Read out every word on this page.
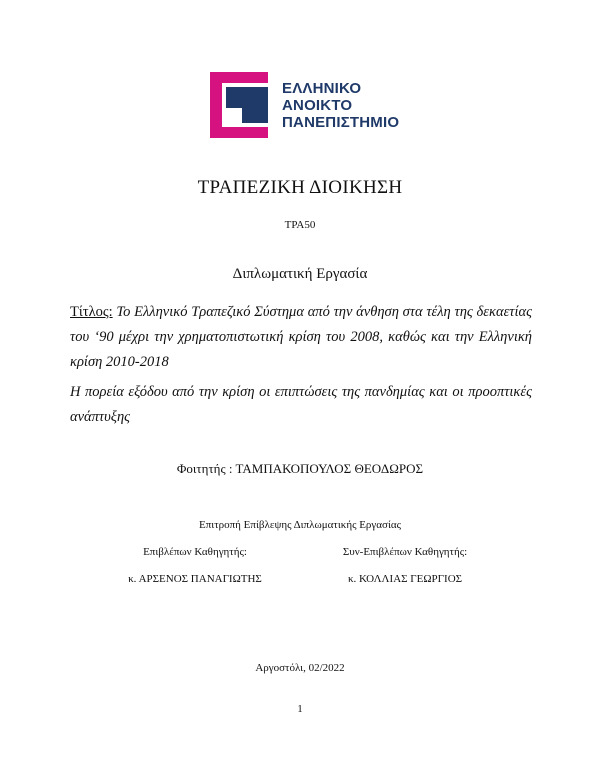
ΕΛΛΗΝΙΚΟ
ΑΝΟΙΚΤΟ
ΠΑΝΕΠΙΣΤΗΜΙΟ
ΤΡΑΠΕΖΙΚΗ ΔΙΟΙΚΗΣΗ
ΤΡΑ50
Διπλωματική Εργασία
Τίτλος: Το Ελληνικό Τραπεζικό Σύστημα από την άνθηση στα τέλη της δεκαετίας του ‘90 μέχρι την χρηματοπιστωτική κρίση του 2008, καθώς και την Ελληνική κρίση 2010-2018
Η πορεία εξόδου από την κρίση οι επιπτώσεις της πανδημίας και οι προοπτικές ανάπτυξης
Φοιτητής : ΤΑΜΠΑΚΟΠΟΥΛΟΣ ΘΕΟΔΩΡΟΣ
Επιτροπή Επίβλεψης Διπλωματικής Εργασίας
Επιβλέπων Καθηγητής:	Συν-Επιβλέπων Καθηγητής:
κ. ΑΡΣΕΝΟΣ ΠΑΝΑΓΙΩΤΗΣ	κ. ΚΟΛΛΙΑΣ ΓΕΩΡΓΙΟΣ
Αργοστόλι, 02/2022
1
